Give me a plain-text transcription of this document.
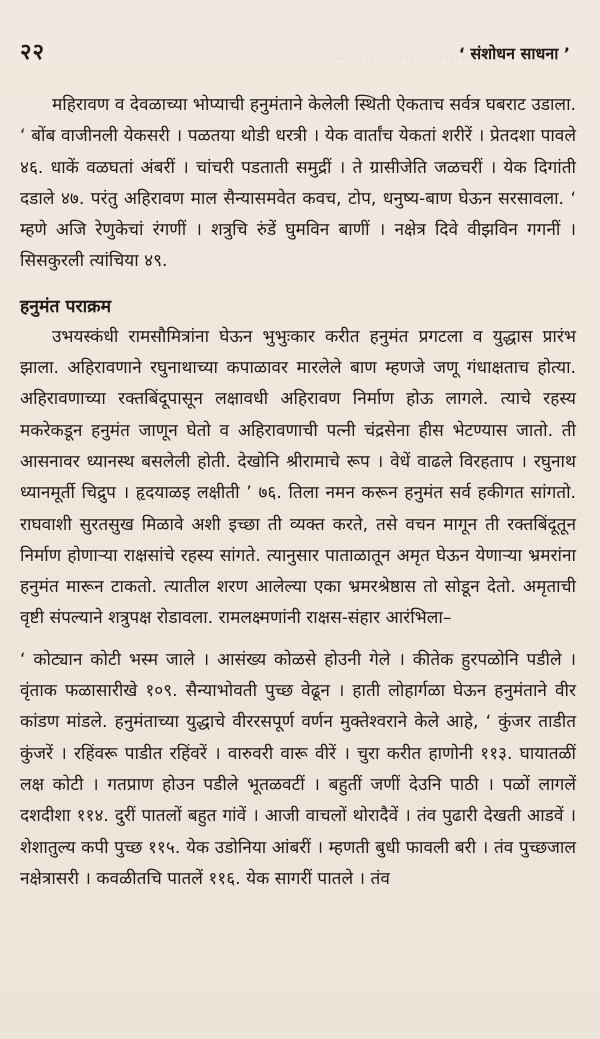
⋯⋯⋯ ⋯⋯ ⋯⋯⋯
२२	‘ संशोधन साधना ’

महिरावण व देवळाच्या भोप्याची हनुमंताने केलेली स्थिती ऐकताच सर्वत्र घबराट उडाला. ‘ बोंब वाजीनली येकसरी । पळतया थोडी धरत्री । येक वार्तांच येकतां शरीरें । प्रेतदशा पावले ४६. धाकें वळघतां अंबरीं । चांचरी पडताती समुद्रीं । ते ग्रासीजेति जळचरीं । येक दिगांती दडाले ४७. परंतु अहिरावण माल सैन्यासमवेत कवच, टोप, धनुष्य-बाण घेऊन सरसावला. ‘ म्हणे अजि रेणुकेचां रंगणीं । शत्रुचि रुंडें घुमविन बाणीं । नक्षेत्र दिवे वीझविन गगनीं । सिसकुरली त्यांचिया ४९.

हनुमंत पराक्रम

उभयस्कंधी रामसौमित्रांना घेऊन भुभुःकार करीत हनुमंत प्रगटला व युद्धास प्रारंभ झाला. अहिरावणाने रघुनाथाच्या कपाळावर मारलेले बाण म्हणजे जणू गंधाक्षताच होत्या. अहिरावणाच्या रक्तबिंदूपासून लक्षावधी अहिरावण निर्माण होऊ लागले. त्याचे रहस्य मकरेकडून हनुमंत जाणून घेतो व अहिरावणाची पत्नी चंद्रसेना हीस भेटण्यास जातो. ती आसनावर ध्यानस्थ बसलेली होती. देखोनि श्रीरामाचे रूप । वेधें वाढले विरहताप । रघुनाथ ध्यानमूर्ती चिद्रुप । हृदयाळइ लक्षीती ’ ७६. तिला नमन करून हनुमंत सर्व हकीगत सांगतो. राघवाशी सुरतसुख मिळावे अशी इच्छा ती व्यक्त करते, तसे वचन मागून ती रक्तबिंदूतून निर्माण होणाऱ्या राक्षसांचे रहस्य सांगते. त्यानुसार पाताळातून अमृत घेऊन येणाऱ्या भ्रमरांना हनुमंत मारून टाकतो. त्यातील शरण आलेल्या एका भ्रमरश्रेष्ठास तो सोडून देतो. अमृताची वृष्टी संपल्याने शत्रुपक्ष रोडावला. रामलक्ष्मणांनी राक्षस-संहार आरंभिला–

‘ कोट्यान कोटी भस्म जाले । आसंख्य कोळसे होउनी गेले । कीतेक हुरपळोनि पडीले । वृंताक फळासारीखे १०९. सैन्याभोवती पुच्छ वेढून । हाती लोहार्गळा घेऊन हनुमंताने वीर कांडण मांडले. हनुमंताच्या युद्धाचे वीररसपूर्ण वर्णन मुक्तेश्वराने केले आहे, ‘ कुंजर ताडीत कुंजरें । रहिंवरू पाडीत रहिंवरें । वारुवरी वारू वीरें । चुरा करीत हाणोनी ११३. घायातळीं लक्ष कोटी । गतप्राण होउन पडीले भूतळवटीं । बहुतीं जणीं देउनि पाठी । पळों लागलें दशदीशा ११४. दुरीं पातलों बहुत गांवें । आजी वाचलों थोरादैवें । तंव पुढारी देखती आडवें । शेशातुल्य कपी पुच्छ ११५. येक उडोनिया आंबरीं । म्हणती बुधी फावली बरी । तंव पुच्छजाल नक्षेत्रासरी । कवळीतचि पातलें ११६. येक सागरीं पातले । तंव
